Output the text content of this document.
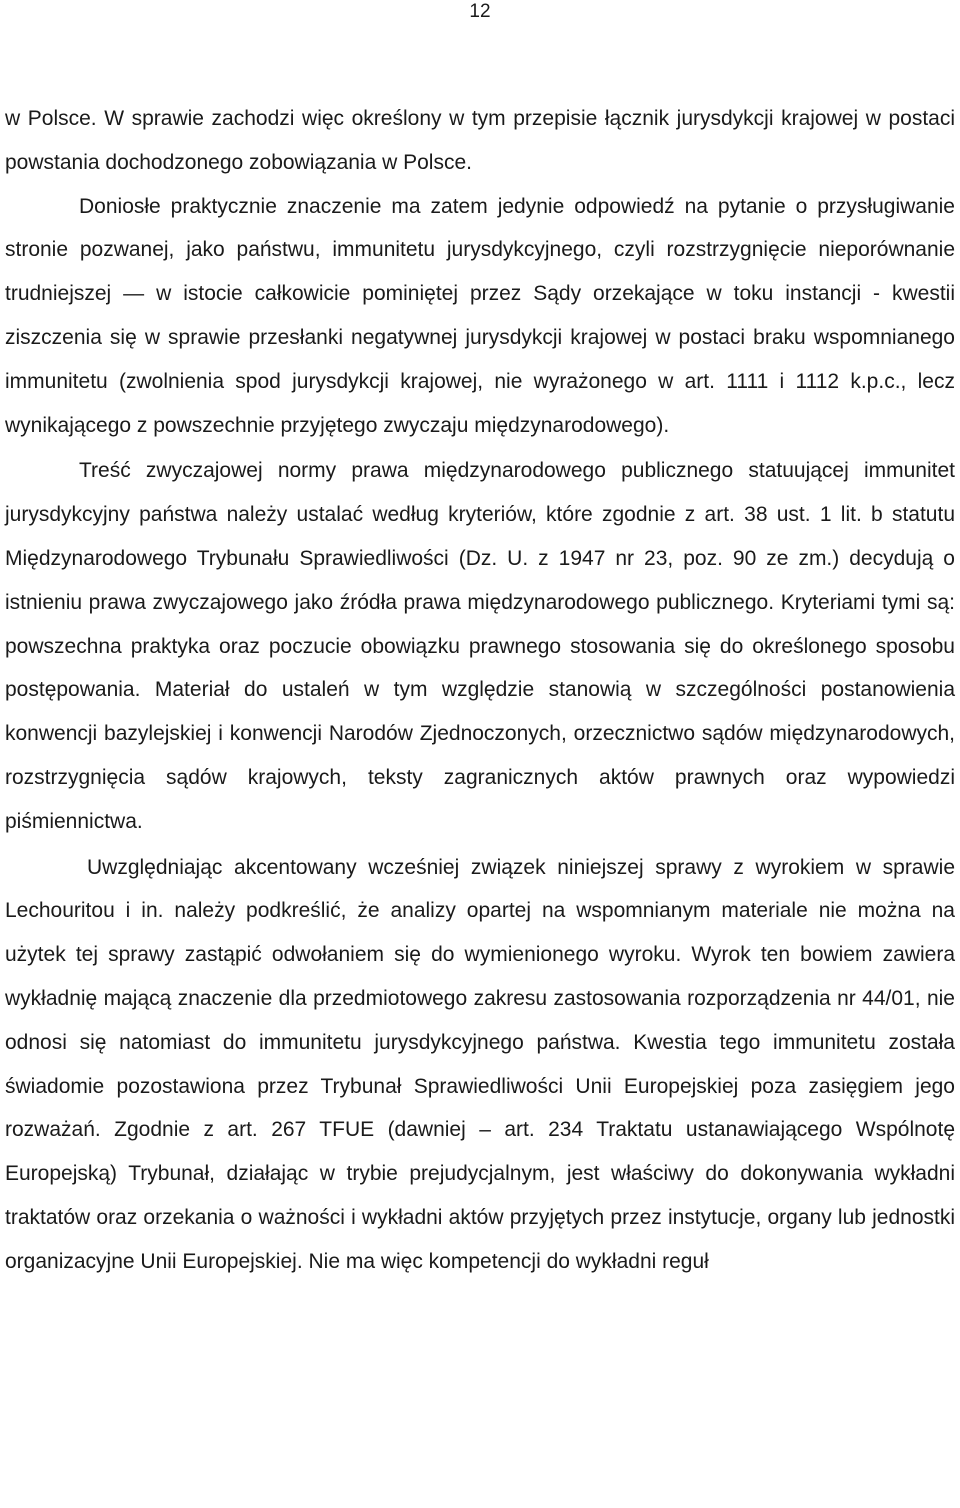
12

w Polsce. W sprawie zachodzi więc określony w tym przepisie łącznik jurysdykcji krajowej w postaci powstania dochodzonego zobowiązania w Polsce.

Doniosłe praktycznie znaczenie ma zatem jedynie odpowiedź na pytanie o przysługiwanie stronie pozwanej, jako państwu, immunitetu jurysdykcyjnego, czyli rozstrzygnięcie nieporównanie trudniejszej — w istocie całkowicie pominiętej przez Sądy orzekające w toku instancji - kwestii ziszczenia się w sprawie przesłanki negatywnej jurysdykcji krajowej w postaci braku wspomnianego immunitetu (zwolnienia spod jurysdykcji krajowej, nie wyrażonego w art. 1111 i 1112 k.p.c., lecz wynikającego z powszechnie przyjętego zwyczaju międzynarodowego).

Treść zwyczajowej normy prawa międzynarodowego publicznego statuującej immunitet jurysdykcyjny państwa należy ustalać według kryteriów, które zgodnie z art. 38 ust. 1 lit. b statutu Międzynarodowego Trybunału Sprawiedliwości (Dz. U. z 1947 nr 23, poz. 90 ze zm.) decydują o istnieniu prawa zwyczajowego jako źródła prawa międzynarodowego publicznego. Kryteriami tymi są: powszechna praktyka oraz poczucie obowiązku prawnego stosowania się do określonego sposobu postępowania. Materiał do ustaleń w tym względzie stanowią w szczególności postanowienia konwencji bazylejskiej i konwencji Narodów Zjednoczonych, orzecznictwo sądów międzynarodowych, rozstrzygnięcia sądów krajowych, teksty zagranicznych aktów prawnych oraz wypowiedzi piśmiennictwa.

Uwzględniając akcentowany wcześniej związek niniejszej sprawy z wyrokiem w sprawie Lechouritou i in. należy podkreślić, że analizy opartej na wspomnianym materiale nie można na użytek tej sprawy zastąpić odwołaniem się do wymienionego wyroku. Wyrok ten bowiem zawiera wykładnię mającą znaczenie dla przedmiotowego zakresu zastosowania rozporządzenia nr 44/01, nie odnosi się natomiast do immunitetu jurysdykcyjnego państwa. Kwestia tego immunitetu została świadomie pozostawiona przez Trybunał Sprawiedliwości Unii Europejskiej poza zasięgiem jego rozważań. Zgodnie z art. 267 TFUE (dawniej – art. 234 Traktatu ustanawiającego Wspólnotę Europejską) Trybunał, działając w trybie prejudycjalnym, jest właściwy do dokonywania wykładni traktatów oraz orzekania o ważności i wykładni aktów przyjętych przez instytucje, organy lub jednostki organizacyjne Unii Europejskiej. Nie ma więc kompetencji do wykładni reguł
